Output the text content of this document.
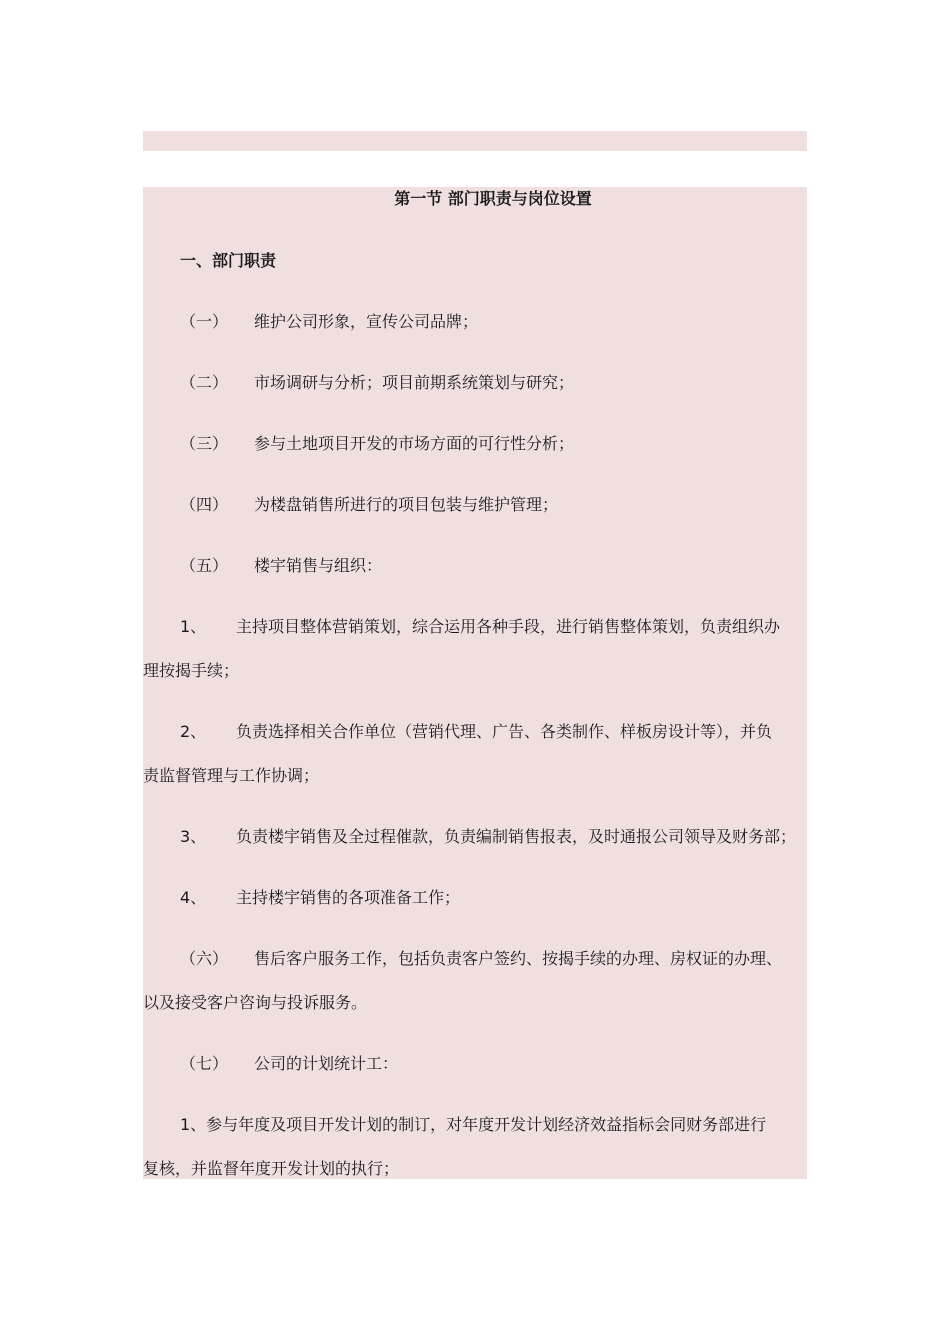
第一节 部门职责与岗位设置
一、部门职责
（一） 维护公司形象，宣传公司品牌；
（二） 市场调研与分析；项目前期系统策划与研究；
（三） 参与土地项目开发的市场方面的可行性分析；
（四） 为楼盘销售所进行的项目包装与维护管理；
（五） 楼宇销售与组织：
1、 主持项目整体营销策划，综合运用各种手段，进行销售整体策划，负责组织办
理按揭手续；
2、 负责选择相关合作单位（营销代理、广告、各类制作、样板房设计等），并负
责监督管理与工作协调；
3、 负责楼宇销售及全过程催款，负责编制销售报表，及时通报公司领导及财务部；
4、 主持楼宇销售的各项准备工作；
（六） 售后客户服务工作，包括负责客户签约、按揭手续的办理、房权证的办理、
以及接受客户咨询与投诉服务。
（七） 公司的计划统计工：
1、参与年度及项目开发计划的制订，对年度开发计划经济效益指标会同财务部进行
复核，并监督年度开发计划的执行；
